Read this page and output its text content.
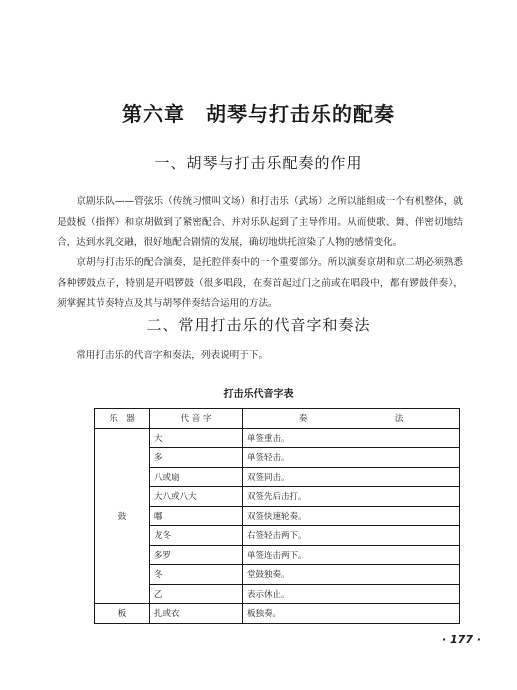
第六章　胡琴与打击乐的配奏
一、胡琴与打击乐配奏的作用

京剧乐队——管弦乐（传统习惯叫文场）和打击乐（武场）之所以能组成一个有机整体，就是鼓板（指挥）和京胡做到了紧密配合、并对乐队起到了主导作用。从而使歌、舞、伴密切地结合，达到水乳交融，很好地配合剧情的发展，确切地烘托渲染了人物的感情变化。

京胡与打击乐的配合演奏，是托腔伴奏中的一个重要部分。所以演奏京胡和京二胡必须熟悉各种锣鼓点子，特别是开唱锣鼓（很多唱段，在奏首起过门之前或在唱段中，都有锣鼓伴奏），须掌握其节奏特点及其与胡琴伴奏结合运用的方法。

二、常用打击乐的代音字和奏法

常用打击乐的代音字和奏法，列表说明于下。

打击乐代音字表
乐　器	代 音 字	奏 法

鼓	大	单签重击。
	多	单签轻击。
	八或扇	双签同击。
	大八或八大	双签先后击打。
	嘟	双签快速轮奏。
	龙冬	右签轻击两下。
	多罗	单签连击两下。
	冬	堂鼓独奏。
	乙	表示休止。
板	扎或衣	板独奏。
· 177 ·
